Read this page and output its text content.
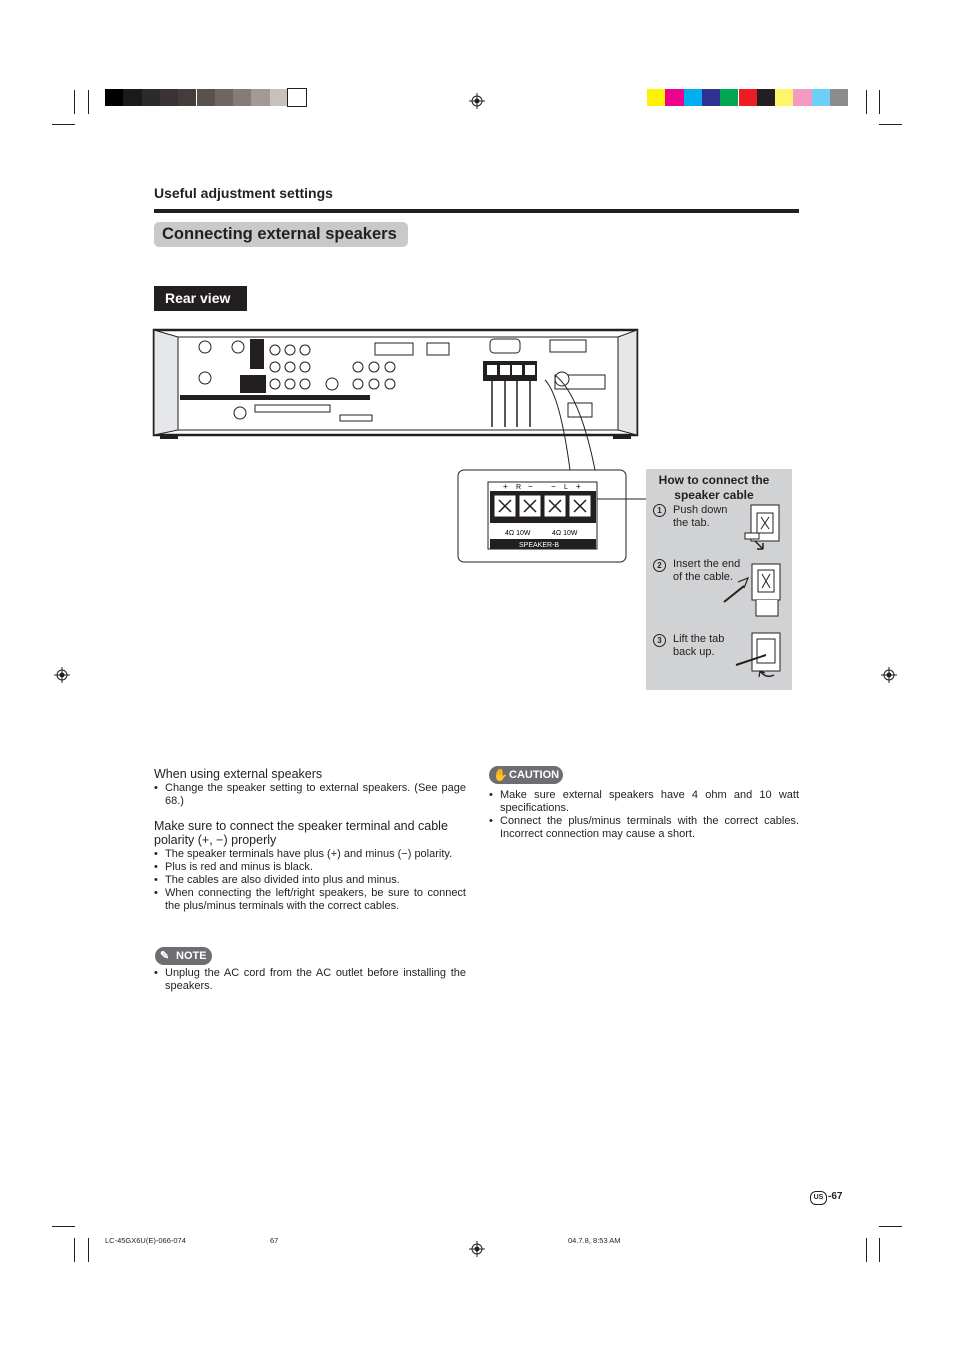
Useful adjustment settings
Connecting external speakers
Rear view
+ R − − L +
4Ω 10W	4Ω 10W
SPEAKER-B
How to connect the speaker cable
1	Push down the tab.
2	Insert the end of the cable.
3	Lift the tab back up.
When using external speakers
• Change the speaker setting to external speakers. (See page 68.)
Make sure to connect the speaker terminal and cable polarity (+, −) properly
• The speaker terminals have plus (+) and minus (−) polarity.
• Plus is red and minus is black.
• The cables are also divided into plus and minus.
• When connecting the left/right speakers, be sure to connect the plus/minus terminals with the correct cables.
✎ NOTE
• Unplug the AC cord from the AC outlet before installing the speakers.
✋ CAUTION
• Make sure external speakers have 4 ohm and 10 watt specifications.
• Connect the plus/minus terminals with the correct cables. Incorrect connection may cause a short.
US -67
LC-45GX6U(E)-066-074	67	04.7.8, 8:53 AM
